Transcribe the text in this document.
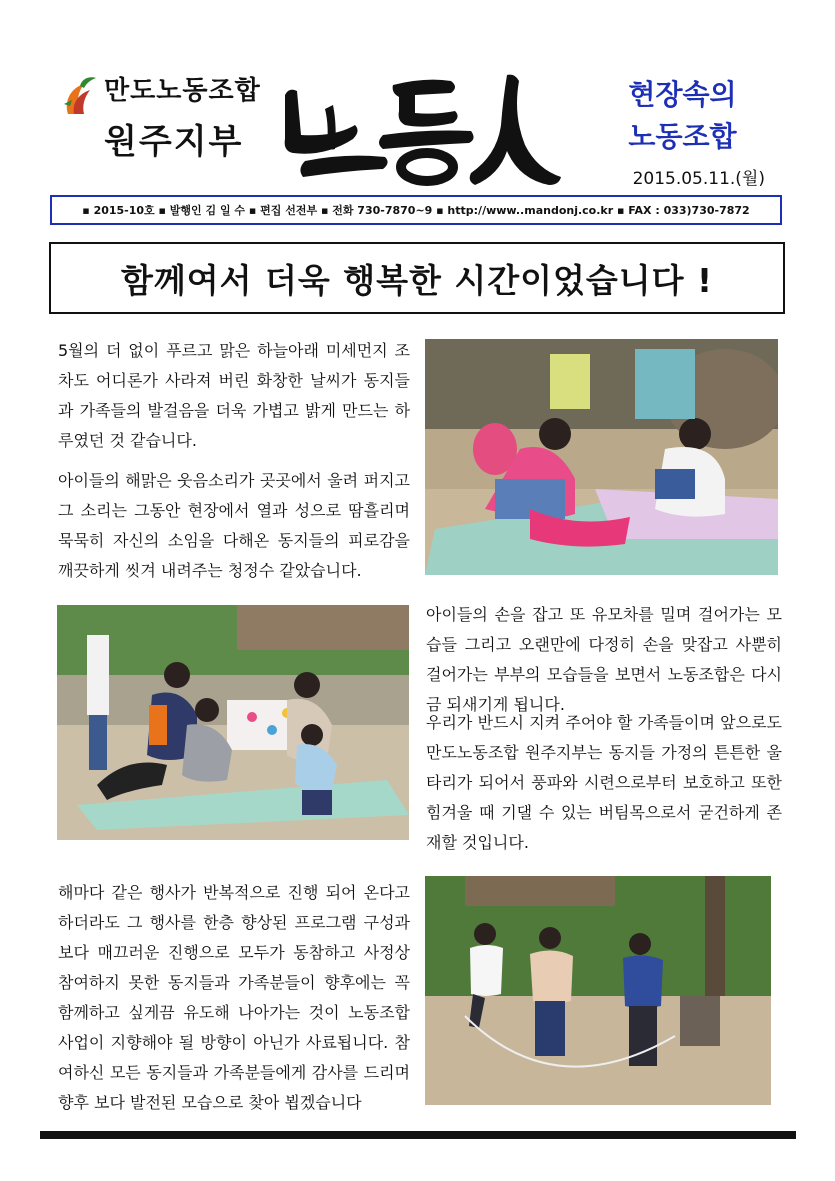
만도노동조합
원주지부
현장속의
노동조합
2015.05.11.(월)
▪ 2015-10호 ▪ 발행인 김 일 수 ▪ 편집 선전부 ▪ 전화 730-7870~9 ▪ http://www..mandonj.co.kr ▪ FAX : 033)730-7872
함께여서 더욱 행복한 시간이었습니다 !
5월의 더 없이 푸르고 맑은 하늘아래 미세먼지 조차도 어디론가 사라져 버린 화창한 날씨가 동지들과 가족들의 발걸음을 더욱 가볍고 밝게 만드는 하루였던 것 같습니다.
아이들의 해맑은 웃음소리가 곳곳에서 울려 퍼지고 그 소리는 그동안 현장에서 열과 성으로 땀흘리며 묵묵히 자신의 소임을 다해온 동지들의 피로감을 깨끗하게 씻겨 내려주는 청정수 같았습니다.
아이들의 손을 잡고 또 유모차를 밀며 걸어가는 모습들 그리고 오랜만에 다정히 손을 맞잡고 사뿐히 걸어가는 부부의 모습들을 보면서 노동조합은 다시금 되새기게 됩니다.
우리가 반드시 지켜 주어야 할 가족들이며 앞으로도 만도노동조합 원주지부는 동지들 가정의 튼튼한 울타리가 되어서 풍파와 시련으로부터 보호하고 또한 힘겨울 때 기댈 수 있는 버팀목으로서 굳건하게 존재할 것입니다.
해마다 같은 행사가 반복적으로 진행 되어 온다고 하더라도 그 행사를 한층 향상된 프로그램 구성과 보다 매끄러운 진행으로 모두가 동참하고 사정상 참여하지 못한 동지들과 가족분들이 향후에는 꼭 함께하고 싶게끔 유도해 나아가는 것이 노동조합 사업이 지향해야 될 방향이 아닌가 사료됩니다. 참여하신 모든 동지들과 가족분들에게 감사를 드리며 향후 보다 발전된 모습으로 찾아 뵙겠습니다
